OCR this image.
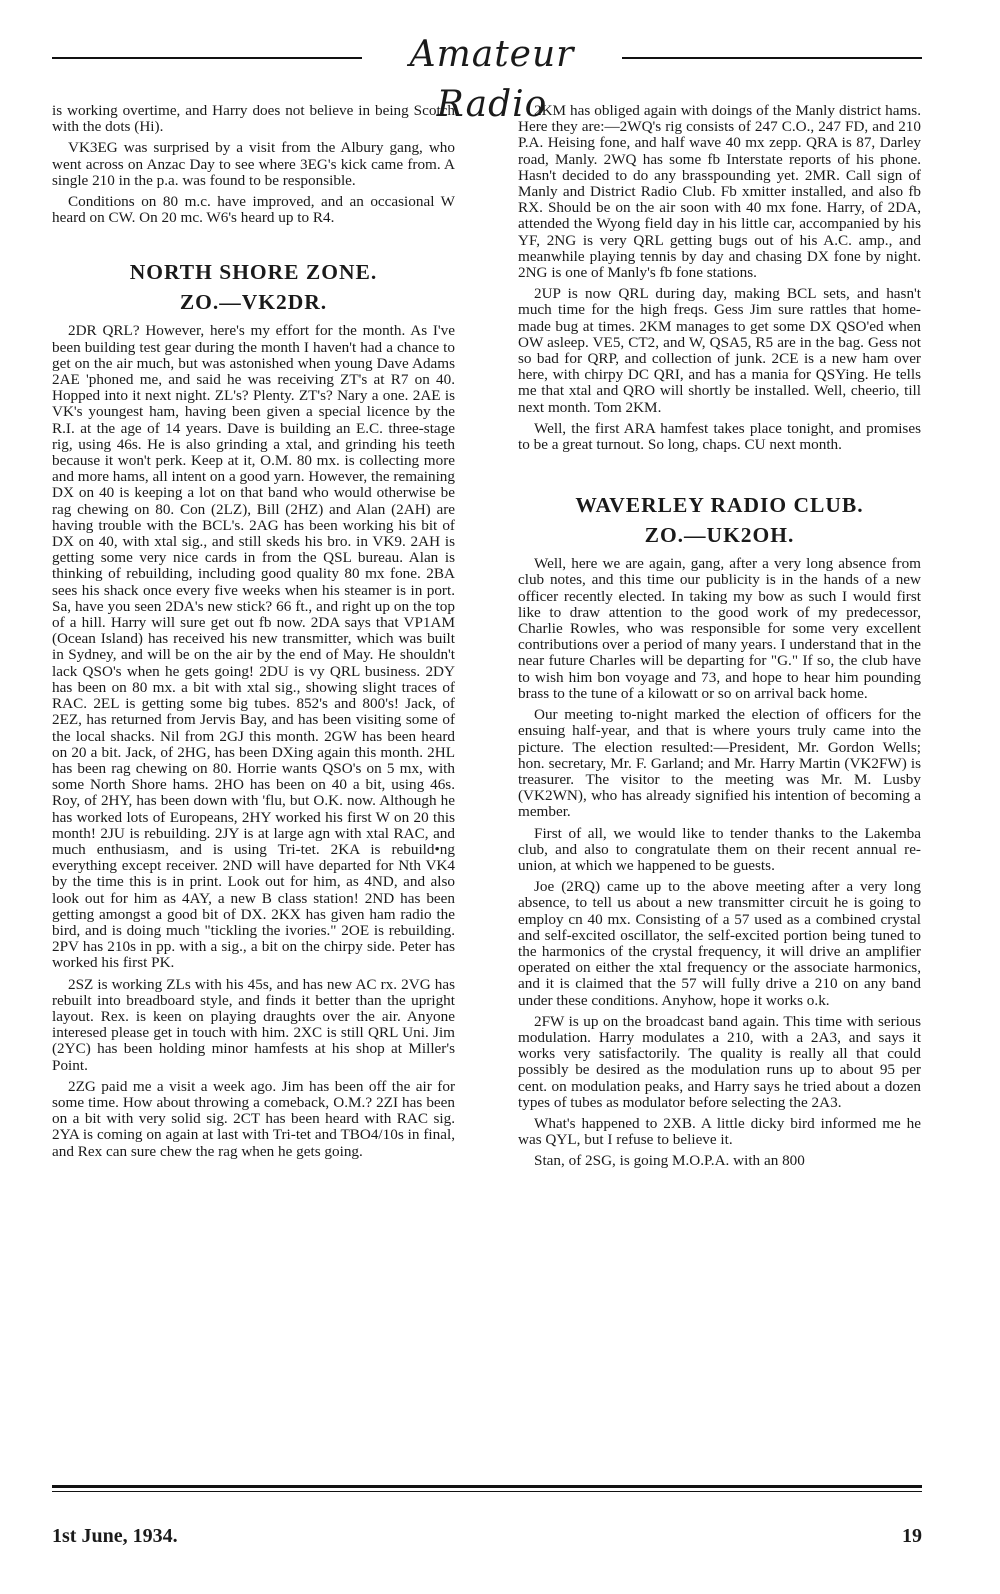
Amateur Radio

is working overtime, and Harry does not believe in being Scotch with the dots (Hi).

VK3EG was surprised by a visit from the Albury gang, who went across on Anzac Day to see where 3EG's kick came from. A single 210 in the p.a. was found to be responsible.

Conditions on 80 m.c. have improved, and an occasional W heard on CW. On 20 mc. W6's heard up to R4.

NORTH SHORE ZONE.
ZO.—VK2DR.

2DR QRL? However, here's my effort for the month. As I've been building test gear during the month I haven't had a chance to get on the air much, but was astonished when young Dave Adams 2AE 'phoned me, and said he was receiving ZT's at R7 on 40. Hopped into it next night. ZL's? Plenty. ZT's? Nary a one. 2AE is VK's youngest ham, having been given a special licence by the R.I. at the age of 14 years. Dave is building an E.C. three-stage rig, using 46s. He is also grinding a xtal, and grinding his teeth because it won't perk. Keep at it, O.M. 80 mx. is collecting more and more hams, all intent on a good yarn. However, the remaining DX on 40 is keeping a lot on that band who would otherwise be rag chewing on 80. Con (2LZ), Bill (2HZ) and Alan (2AH) are having trouble with the BCL's. 2AG has been working his bit of DX on 40, with xtal sig., and still skeds his bro. in VK9. 2AH is getting some very nice cards in from the QSL bureau. Alan is thinking of rebuilding, including good quality 80 mx fone. 2BA sees his shack once every five weeks when his steamer is in port. Sa, have you seen 2DA's new stick? 66 ft., and right up on the top of a hill. Harry will sure get out fb now. 2DA says that VP1AM (Ocean Island) has received his new transmitter, which was built in Sydney, and will be on the air by the end of May. He shouldn't lack QSO's when he gets going! 2DU is vy QRL business. 2DY has been on 80 mx. a bit with xtal sig., showing slight traces of RAC. 2EL is getting some big tubes. 852's and 800's! Jack, of 2EZ, has returned from Jervis Bay, and has been visiting some of the local shacks. Nil from 2GJ this month. 2GW has been heard on 20 a bit. Jack, of 2HG, has been DXing again this month. 2HL has been rag chewing on 80. Horrie wants QSO's on 5 mx, with some North Shore hams. 2HO has been on 40 a bit, using 46s. Roy, of 2HY, has been down with 'flu, but O.K. now. Although he has worked lots of Europeans, 2HY worked his first W on 20 this month! 2JU is rebuilding. 2JY is at large agn with xtal RAC, and much enthusiasm, and is using Tri-tet. 2KA is rebuild•ng everything except receiver. 2ND will have departed for Nth VK4 by the time this is in print. Look out for him, as 4ND, and also look out for him as 4AY, a new B class station! 2ND has been getting amongst a good bit of DX. 2KX has given ham radio the bird, and is doing much "tickling the ivories." 2OE is rebuilding. 2PV has 210s in pp. with a sig., a bit on the chirpy side. Peter has worked his first PK.

2SZ is working ZLs with his 45s, and has new AC rx. 2VG has rebuilt into breadboard style, and finds it better than the upright layout. Rex. is keen on playing draughts over the air. Anyone interesed please get in touch with him. 2XC is still QRL Uni. Jim (2YC) has been holding minor hamfests at his shop at Miller's Point.

2ZG paid me a visit a week ago. Jim has been off the air for some time. How about throwing a comeback, O.M.? 2ZI has been on a bit with very solid sig. 2CT has been heard with RAC sig. 2YA is coming on again at last with Tri-tet and TBO4/10s in final, and Rex can sure chew the rag when he gets going.

2KM has obliged again with doings of the Manly district hams. Here they are:—2WQ's rig consists of 247 C.O., 247 FD, and 210 P.A. Heising fone, and half wave 40 mx zepp. QRA is 87, Darley road, Manly. 2WQ has some fb Interstate reports of his phone. Hasn't decided to do any brasspounding yet. 2MR. Call sign of Manly and District Radio Club. Fb xmitter installed, and also fb RX. Should be on the air soon with 40 mx fone. Harry, of 2DA, attended the Wyong field day in his little car, accompanied by his YF, 2NG is very QRL getting bugs out of his A.C. amp., and meanwhile playing tennis by day and chasing DX fone by night. 2NG is one of Manly's fb fone stations.

2UP is now QRL during day, making BCL sets, and hasn't much time for the high freqs. Gess Jim sure rattles that home-made bug at times. 2KM manages to get some DX QSO'ed when OW asleep. VE5, CT2, and W, QSA5, R5 are in the bag. Gess not so bad for QRP, and collection of junk. 2CE is a new ham over here, with chirpy DC QRI, and has a mania for QSYing. He tells me that xtal and QRO will shortly be installed. Well, cheerio, till next month. Tom 2KM.

Well, the first ARA hamfest takes place tonight, and promises to be a great turnout. So long, chaps. CU next month.

WAVERLEY RADIO CLUB.
ZO.—UK2OH.

Well, here we are again, gang, after a very long absence from club notes, and this time our publicity is in the hands of a new officer recently elected. In taking my bow as such I would first like to draw attention to the good work of my predecessor, Charlie Rowles, who was responsible for some very excellent contributions over a period of many years. I understand that in the near future Charles will be departing for "G." If so, the club have to wish him bon voyage and 73, and hope to hear him pounding brass to the tune of a kilowatt or so on arrival back home.

Our meeting to-night marked the election of officers for the ensuing half-year, and that is where yours truly came into the picture. The election resulted:—President, Mr. Gordon Wells; hon. secretary, Mr. F. Garland; and Mr. Harry Martin (VK2FW) is treasurer. The visitor to the meeting was Mr. M. Lusby (VK2WN), who has already signified his intention of becoming a member.

First of all, we would like to tender thanks to the Lakemba club, and also to congratulate them on their recent annual re-union, at which we happened to be guests.

Joe (2RQ) came up to the above meeting after a very long absence, to tell us about a new transmitter circuit he is going to employ cn 40 mx. Consisting of a 57 used as a combined crystal and self-excited oscillator, the self-excited portion being tuned to the harmonics of the crystal frequency, it will drive an amplifier operated on either the xtal frequency or the associate harmonics, and it is claimed that the 57 will fully drive a 210 on any band under these conditions. Anyhow, hope it works o.k.

2FW is up on the broadcast band again. This time with serious modulation. Harry modulates a 210, with a 2A3, and says it works very satisfactorily. The quality is really all that could possibly be desired as the modulation runs up to about 95 per cent. on modulation peaks, and Harry says he tried about a dozen types of tubes as modulator before selecting the 2A3.

What's happened to 2XB. A little dicky bird informed me he was QYL, but I refuse to believe it.

Stan, of 2SG, is going M.O.P.A. with an 800

1st June, 1934.	19
